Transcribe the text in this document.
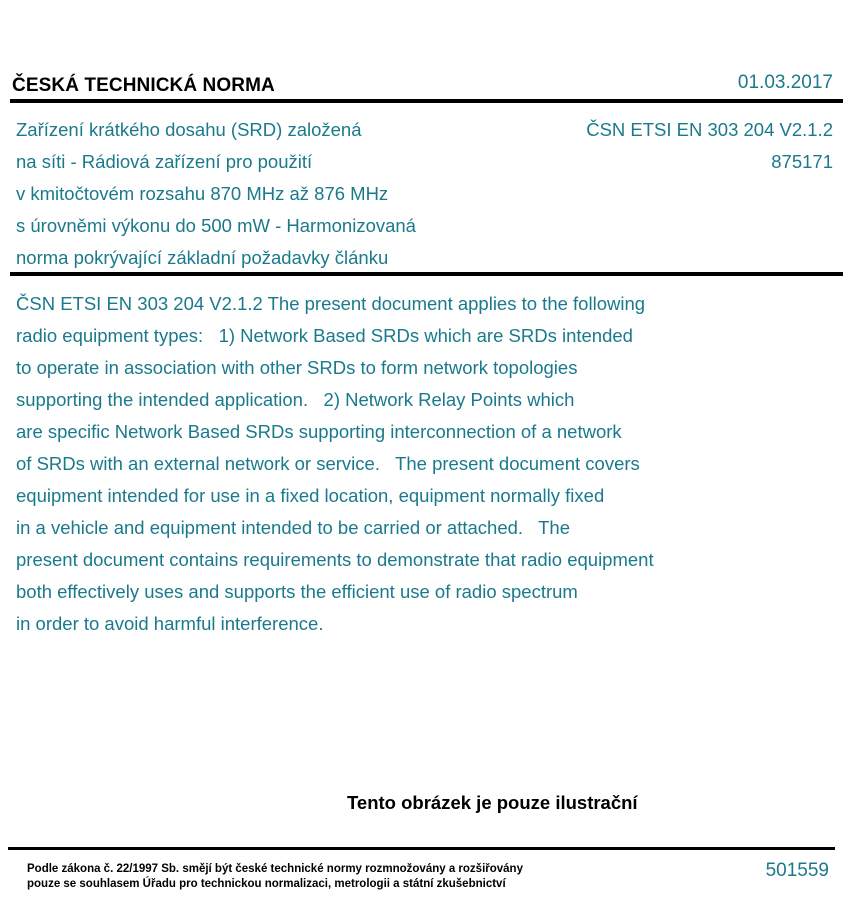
ČESKÁ TECHNICKÁ NORMA	01.03.2017
Zařízení krátkého dosahu (SRD) založená
na síti - Rádiová zařízení pro použití
v kmitočtovém rozsahu 870 MHz až 876 MHz
s úrovněmi výkonu do 500 mW - Harmonizovaná
norma pokrývající základní požadavky článku
ČSN ETSI EN 303 204 V2.1.2
875171
ČSN ETSI EN 303 204 V2.1.2 The present document applies to the following
radio equipment types:   1) Network Based SRDs which are SRDs intended
to operate in association with other SRDs to form network topologies
supporting the intended application.   2) Network Relay Points which
are specific Network Based SRDs supporting interconnection of a network
of SRDs with an external network or service.   The present document covers
equipment intended for use in a fixed location, equipment normally fixed
in a vehicle and equipment intended to be carried or attached.   The
present document contains requirements to demonstrate that radio equipment
both effectively uses and supports the efficient use of radio spectrum
in order to avoid harmful interference.
Tento obrázek je pouze ilustrační
Podle zákona č. 22/1997 Sb. smějí být české technické normy rozmnožovány a rozšiřovány
pouze se souhlasem Úřadu pro technickou normalizaci, metrologii a státní zkušebnictví
501559
